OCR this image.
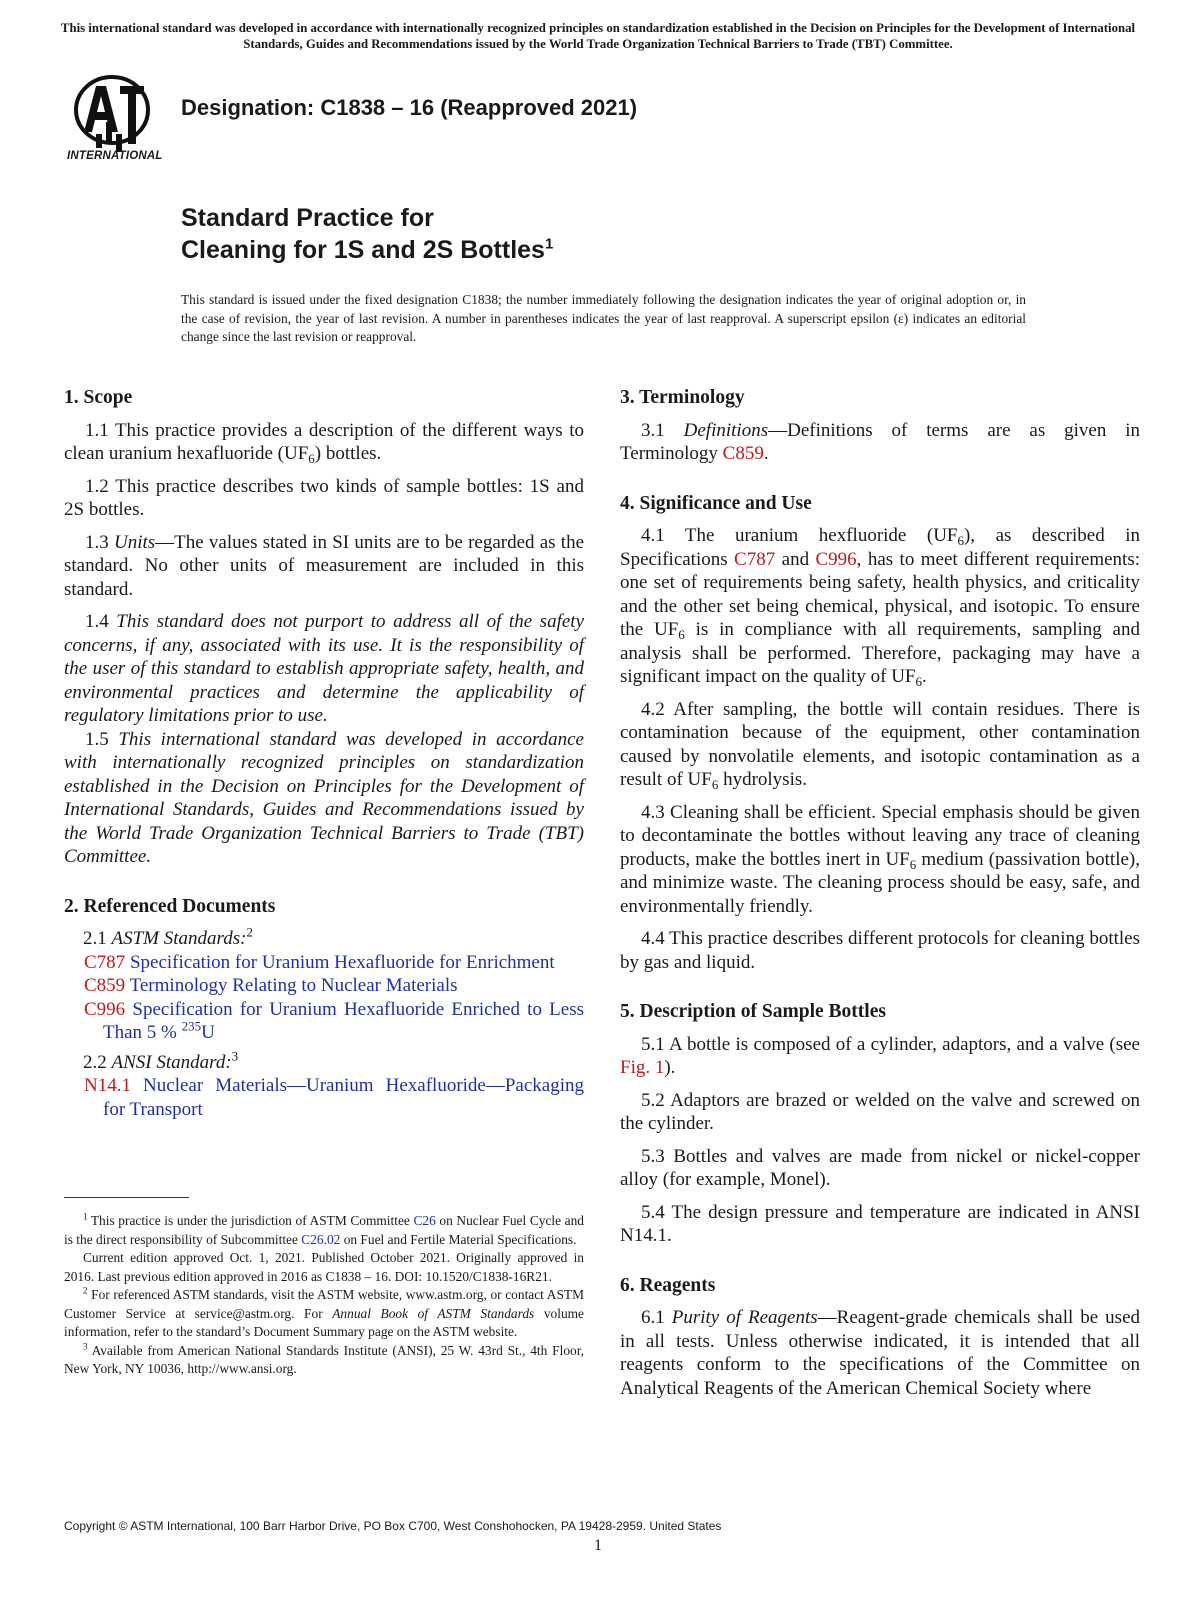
This international standard was developed in accordance with internationally recognized principles on standardization established in the Decision on Principles for the Development of International Standards, Guides and Recommendations issued by the World Trade Organization Technical Barriers to Trade (TBT) Committee.
INTERNATIONAL
Designation: C1838 – 16 (Reapproved 2021)
Standard Practice for
Cleaning for 1S and 2S Bottles$^1$
This standard is issued under the fixed designation C1838; the number immediately following the designation indicates the year of original adoption or, in the case of revision, the year of last revision. A number in parentheses indicates the year of last reapproval. A superscript epsilon (ε) indicates an editorial change since the last revision or reapproval.
1. Scope
1.1 This practice provides a description of the different ways to clean uranium hexafluoride $(UF_6)$ bottles.
1.2 This practice describes two kinds of sample bottles: 1S and 2S bottles.
1.3 Units—The values stated in SI units are to be regarded as the standard. No other units of measurement are included in this standard.
1.4 This standard does not purport to address all of the safety concerns, if any, associated with its use. It is the responsibility of the user of this standard to establish appropriate safety, health, and environmental practices and determine the applicability of regulatory limitations prior to use.
1.5 This international standard was developed in accordance with internationally recognized principles on standardization established in the Decision on Principles for the Development of International Standards, Guides and Recommendations issued by the World Trade Organization Technical Barriers to Trade (TBT) Committee.
2. Referenced Documents
2.1 ASTM Standards:$^2$
C787 Specification for Uranium Hexafluoride for Enrichment
C859 Terminology Relating to Nuclear Materials
C996 Specification for Uranium Hexafluoride Enriched to Less Than 5 % $^{235}$U
2.2 ANSI Standard:$^3$
N14.1 Nuclear Materials—Uranium Hexafluoride—Packaging for Transport
$^1$ This practice is under the jurisdiction of ASTM Committee C26 on Nuclear Fuel Cycle and is the direct responsibility of Subcommittee C26.02 on Fuel and Fertile Material Specifications.
Current edition approved Oct. 1, 2021. Published October 2021. Originally approved in 2016. Last previous edition approved in 2016 as C1838 – 16. DOI: 10.1520/C1838-16R21.
$^2$ For referenced ASTM standards, visit the ASTM website, www.astm.org, or contact ASTM Customer Service at service@astm.org. For Annual Book of ASTM Standards volume information, refer to the standard’s Document Summary page on the ASTM website.
$^3$ Available from American National Standards Institute (ANSI), 25 W. 43rd St., 4th Floor, New York, NY 10036, http://www.ansi.org.
3. Terminology
3.1 Definitions—Definitions of terms are as given in Terminology C859.
4. Significance and Use
4.1 The uranium hexfluoride $(UF_6)$, as described in Specifications C787 and C996, has to meet different requirements: one set of requirements being safety, health physics, and criticality and the other set being chemical, physical, and isotopic. To ensure the $UF_6$ is in compliance with all requirements, sampling and analysis shall be performed. Therefore, packaging may have a significant impact on the quality of $UF_6$.
4.2 After sampling, the bottle will contain residues. There is contamination because of the equipment, other contamination caused by nonvolatile elements, and isotopic contamination as a result of $UF_6$ hydrolysis.
4.3 Cleaning shall be efficient. Special emphasis should be given to decontaminate the bottles without leaving any trace of cleaning products, make the bottles inert in $UF_6$ medium (passivation bottle), and minimize waste. The cleaning process should be easy, safe, and environmentally friendly.
4.4 This practice describes different protocols for cleaning bottles by gas and liquid.
5. Description of Sample Bottles
5.1 A bottle is composed of a cylinder, adaptors, and a valve (see Fig. 1).
5.2 Adaptors are brazed or welded on the valve and screwed on the cylinder.
5.3 Bottles and valves are made from nickel or nickel-copper alloy (for example, Monel).
5.4 The design pressure and temperature are indicated in ANSI N14.1.
6. Reagents
6.1 Purity of Reagents—Reagent-grade chemicals shall be used in all tests. Unless otherwise indicated, it is intended that all reagents conform to the specifications of the Committee on Analytical Reagents of the American Chemical Society where
Copyright © ASTM International, 100 Barr Harbor Drive, PO Box C700, West Conshohocken, PA 19428-2959. United States
1
